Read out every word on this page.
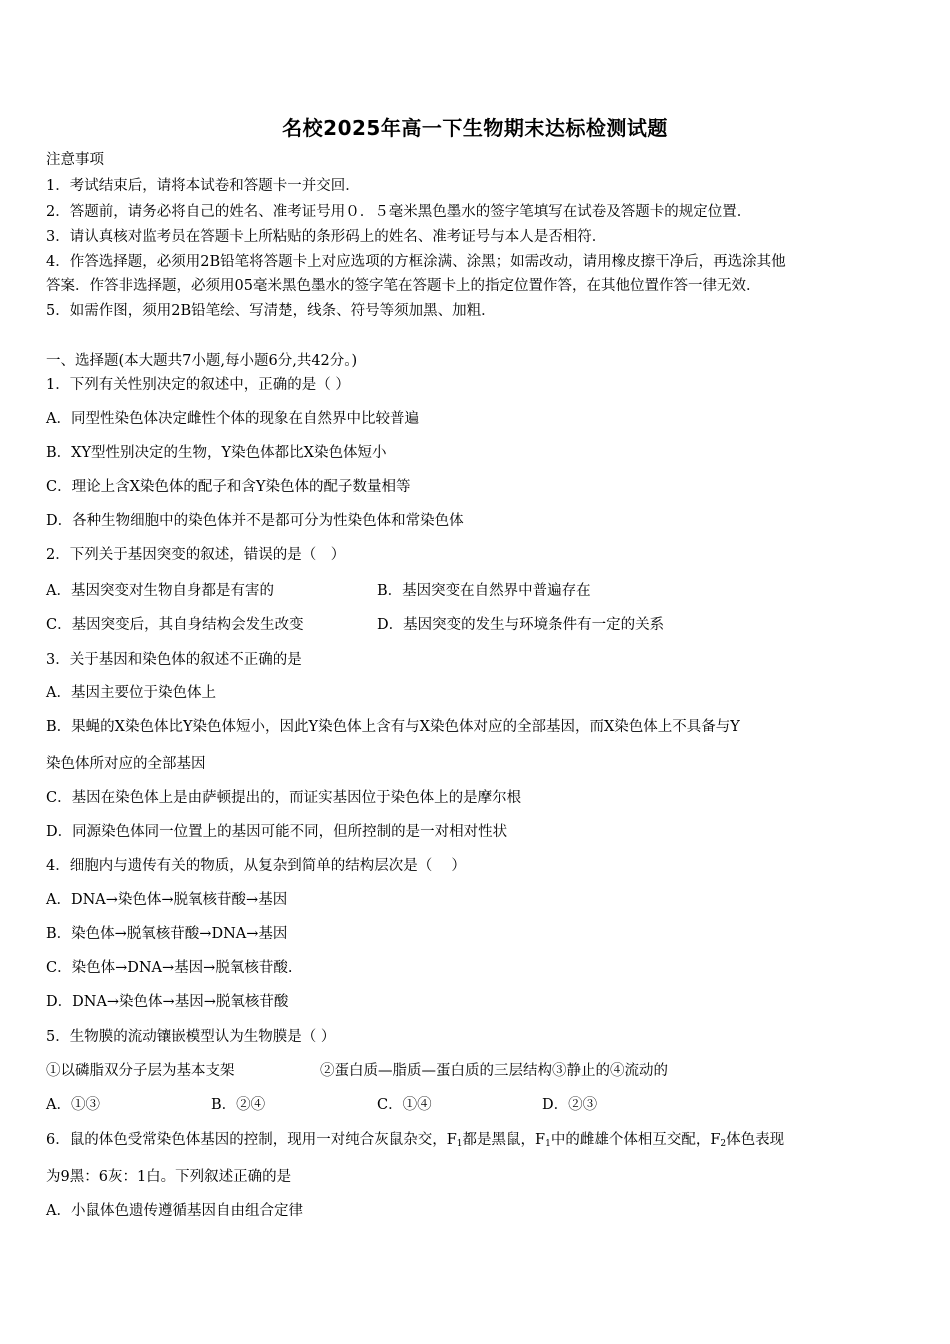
名校2025年高一下生物期末达标检测试题
注意事项
1．考试结束后，请将本试卷和答题卡一并交回．
2．答题前，请务必将自己的姓名、准考证号用０．５毫米黑色墨水的签字笔填写在试卷及答题卡的规定位置．
3．请认真核对监考员在答题卡上所粘贴的条形码上的姓名、准考证号与本人是否相符．
4．作答选择题，必须用2B铅笔将答题卡上对应选项的方框涂满、涂黑；如需改动，请用橡皮擦干净后，再选涂其他
答案．作答非选择题，必须用05毫米黑色墨水的签字笔在答题卡上的指定位置作答，在其他位置作答一律无效．
5．如需作图，须用2B铅笔绘、写清楚，线条、符号等须加黑、加粗．
一、选择题(本大题共7小题,每小题6分,共42分。)
1．下列有关性别决定的叙述中，正确的是（ ）
A．同型性染色体决定雌性个体的现象在自然界中比较普遍
B．XY型性别决定的生物，Y染色体都比X染色体短小
C．理论上含X染色体的配子和含Y染色体的配子数量相等
D．各种生物细胞中的染色体并不是都可分为性染色体和常染色体
2．下列关于基因突变的叙述，错误的是（　）
A．基因突变对生物自身都是有害的	B．基因突变在自然界中普遍存在
C．基因突变后，其自身结构会发生改变	D．基因突变的发生与环境条件有一定的关系
3．关于基因和染色体的叙述不正确的是
A．基因主要位于染色体上
B．果蝇的X染色体比Y染色体短小，因此Y染色体上含有与X染色体对应的全部基因，而X染色体上不具备与Y
染色体所对应的全部基因
C．基因在染色体上是由萨顿提出的，而证实基因位于染色体上的是摩尔根
D．同源染色体同一位置上的基因可能不同，但所控制的是一对相对性状
4．细胞内与遗传有关的物质，从复杂到简单的结构层次是（　 ）
A．DNA→染色体→脱氧核苷酸→基因
B．染色体→脱氧核苷酸→DNA→基因
C．染色体→DNA→基因→脱氧核苷酸.
D．DNA→染色体→基因→脱氧核苷酸
5．生物膜的流动镶嵌模型认为生物膜是（ ）
①以磷脂双分子层为基本支架	②蛋白质—脂质—蛋白质的三层结构③静止的④流动的
A．①③	B．②④	C．①④	D．②③
6．鼠的体色受常染色体基因的控制，现用一对纯合灰鼠杂交，$F_1$都是黑鼠，$F_1$中的雌雄个体相互交配，$F_2$体色表现
为9黑：6灰：1白。下列叙述正确的是
A．小鼠体色遗传遵循基因自由组合定律
